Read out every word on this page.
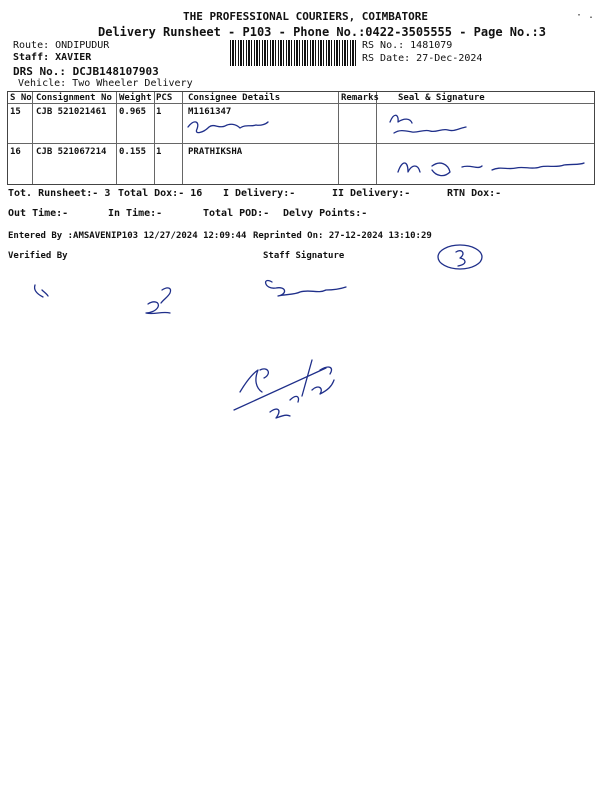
THE PROFESSIONAL COURIERS, COIMBATORE
Delivery Runsheet - P103 - Phone No.:0422-3505555 - Page No.:3
· .
Route: ONDIPUDUR
Staff: XAVIER
DRS No.: DCJB148107903
Vehicle: Two Wheeler Delivery
RS No.: 1481079
RS Date: 27-Dec-2024
S No Consignment No Weight PCS Consignee Details	Remarks Seal & Signature
15 CJB 521021461 0.965 1	M1161347
16 CJB 521067214 0.155 1	PRATHIKSHA
Tot. Runsheet:- 3 Total Dox:- 16 I Delivery:-	II Delivery:-	RTN Dox:-
Out Time:-	In Time:-	Total POD:- Delvy Points:-
Entered By :AMSAVENIP103 12/27/2024 12:09:44 Reprinted On: 27-12-2024 13:10:29
Verified By	Staff Signature
